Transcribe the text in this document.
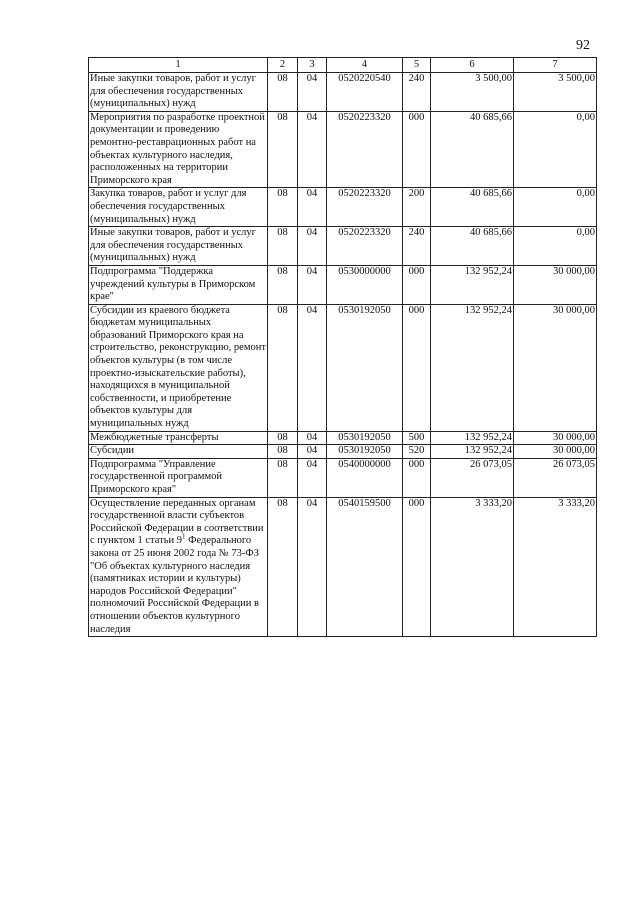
92
1	2	3	4	5	6	7
Иные закупки товаров, работ и услуг для обеспечения государственных (муниципальных) нужд	08	04	0520220540	240	3 500,00	3 500,00
Мероприятия по разработке проектной документации и проведению ремонтно-реставрационных работ на объектах культурного наследия, расположенных на территории Приморского края	08	04	0520223320	000	40 685,66	0,00
Закупка товаров, работ и услуг для обеспечения государственных (муниципальных) нужд	08	04	0520223320	200	40 685,66	0,00
Иные закупки товаров, работ и услуг для обеспечения государственных (муниципальных) нужд	08	04	0520223320	240	40 685,66	0,00
Подпрограмма "Поддержка учреждений культуры в Приморском крае"	08	04	0530000000	000	132 952,24	30 000,00
Субсидии из краевого бюджета бюджетам муниципальных образований Приморского края на строительство, реконструкцию, ремонт объектов культуры (в том числе проектно-изыскательские работы), находящихся в муниципальной собственности, и приобретение объектов культуры для муниципальных нужд	08	04	0530192050	000	132 952,24	30 000,00
Межбюджетные трансферты	08	04	0530192050	500	132 952,24	30 000,00
Субсидии	08	04	0530192050	520	132 952,24	30 000,00
Подпрограмма "Управление государственной программой Приморского края"	08	04	0540000000	000	26 073,05	26 073,05
Осуществление переданных органам государственной власти субъектов Российской Федерации в соответствии с пунктом 1 статьи $9^1$ Федерального закона от 25 июня 2002 года № 73-ФЗ "Об объектах культурного наследия (памятниках истории и культуры) народов Российской Федерации" полномочий Российской Федерации в отношении объектов культурного наследия	08	04	0540159500	000	3 333,20	3 333,20
